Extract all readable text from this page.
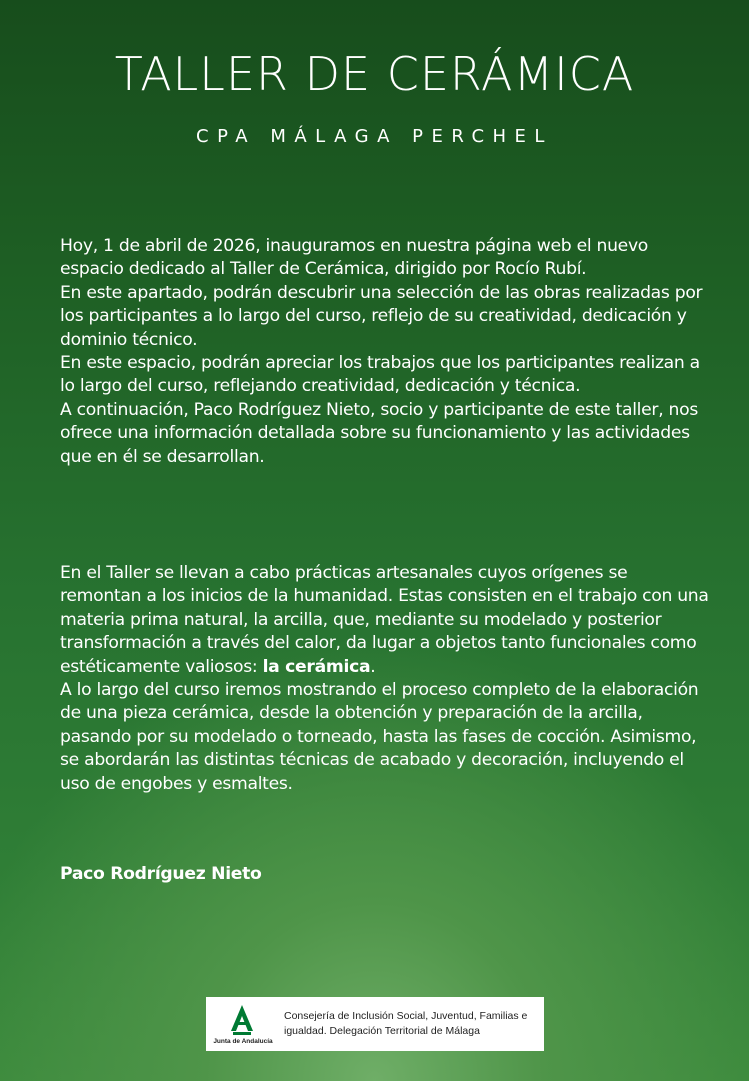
TALLER DE CERÁMICA
CPA MÁLAGA PERCHEL

Hoy, 1 de abril de 2026, inauguramos en nuestra página web el nuevo espacio dedicado al Taller de Cerámica, dirigido por Rocío Rubí.

En este apartado, podrán descubrir una selección de las obras realizadas por los participantes a lo largo del curso, reflejo de su creatividad, dedicación y dominio técnico.

En este espacio, podrán apreciar los trabajos que los participantes realizan a lo largo del curso, reflejando creatividad, dedicación y técnica.

A continuación, Paco Rodríguez Nieto, socio y participante de este taller, nos ofrece una información detallada sobre su funcionamiento y las actividades que en él se desarrollan.

En el Taller se llevan a cabo prácticas artesanales cuyos orígenes se remontan a los inicios de la humanidad. Estas consisten en el trabajo con una materia prima natural, la arcilla, que, mediante su modelado y posterior transformación a través del calor, da lugar a objetos tanto funcionales como estéticamente valiosos: la cerámica.

A lo largo del curso iremos mostrando el proceso completo de la elaboración de una pieza cerámica, desde la obtención y preparación de la arcilla, pasando por su modelado o torneado, hasta las fases de cocción. Asimismo, se abordarán las distintas técnicas de acabado y decoración, incluyendo el uso de engobes y esmaltes.

Paco Rodríguez Nieto
Junta de Andalucía
Consejería de Inclusión Social, Juventud, Familias e
igualdad. Delegación Territorial de Málaga
